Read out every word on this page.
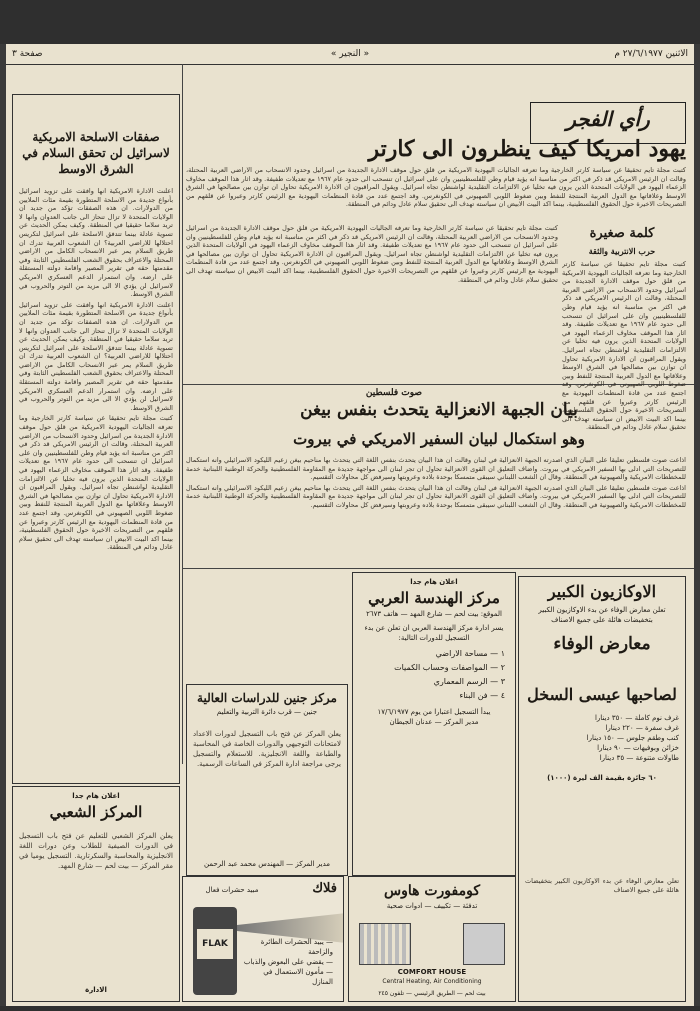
الاثنين ٢٧/٦/١٩٧٧ م
« النجير »
صفحة ٣
رأي الفجر
يهود امريكا كيف ينظرون الى كارتر
كلمة صغيرة
حرب الانتربية والثقة

كتبت مجلة تايم تحقيقا عن سياسة كارتر الخارجية وما تعرفه الجاليات اليهودية الامريكية من قلق حول موقف الادارة الجديدة من اسرائيل وحدود الانسحاب من الاراضي العربية المحتلة، وقالت ان الرئيس الامريكي قد ذكر في اكثر من مناسبة انه يؤيد قيام وطن للفلسطينيين وان على اسرائيل ان تنسحب الى حدود عام ١٩٦٧ مع تعديلات طفيفة. وقد اثار هذا الموقف مخاوف الزعماء اليهود في الولايات المتحدة الذين يرون فيه تخليا عن الالتزامات التقليدية لواشنطن تجاه اسرائيل. ويقول المراقبون ان الادارة الامريكية تحاول ان توازن بين مصالحها في الشرق الاوسط وعلاقاتها مع الدول العربية المنتجة للنفط وبين ضغوط اللوبي الصهيوني في الكونغرس. وقد اجتمع عدد من قادة المنظمات اليهودية مع الرئيس كارتر وعبروا عن قلقهم من التصريحات الاخيرة حول الحقوق الفلسطينية، بينما اكد البيت الابيض ان سياسته تهدف الى تحقيق سلام عادل ودائم في المنطقة.

كتبت مجلة تايم تحقيقا عن سياسة كارتر الخارجية وما تعرفه الجاليات اليهودية الامريكية من قلق حول موقف الادارة الجديدة من اسرائيل وحدود الانسحاب من الاراضي العربية المحتلة، وقالت ان الرئيس الامريكي قد ذكر في اكثر من مناسبة انه يؤيد قيام وطن للفلسطينيين وان على اسرائيل ان تنسحب الى حدود عام ١٩٦٧ مع تعديلات طفيفة. وقد اثار هذا الموقف مخاوف الزعماء اليهود في الولايات المتحدة الذين يرون فيه تخليا عن الالتزامات التقليدية لواشنطن تجاه اسرائيل. ويقول المراقبون ان الادارة الامريكية تحاول ان توازن بين مصالحها في الشرق الاوسط وعلاقاتها مع الدول العربية المنتجة للنفط وبين ضغوط اللوبي الصهيوني في الكونغرس. وقد اجتمع عدد من قادة المنظمات اليهودية مع الرئيس كارتر وعبروا عن قلقهم من التصريحات الاخيرة حول الحقوق الفلسطينية، بينما اكد البيت الابيض ان سياسته تهدف الى تحقيق سلام عادل ودائم في المنطقة.

كتبت مجلة تايم تحقيقا عن سياسة كارتر الخارجية وما تعرفه الجاليات اليهودية الامريكية من قلق حول موقف الادارة الجديدة من اسرائيل وحدود الانسحاب من الاراضي العربية المحتلة، وقالت ان الرئيس الامريكي قد ذكر في اكثر من مناسبة انه يؤيد قيام وطن للفلسطينيين وان على اسرائيل ان تنسحب الى حدود عام ١٩٦٧ مع تعديلات طفيفة. وقد اثار هذا الموقف مخاوف الزعماء اليهود في الولايات المتحدة الذين يرون فيه تخليا عن الالتزامات التقليدية لواشنطن تجاه اسرائيل. ويقول المراقبون ان الادارة الامريكية تحاول ان توازن بين مصالحها في الشرق الاوسط وعلاقاتها مع الدول العربية المنتجة للنفط وبين ضغوط اللوبي الصهيوني في الكونغرس. وقد اجتمع عدد من قادة المنظمات اليهودية مع الرئيس كارتر وعبروا عن قلقهم من التصريحات الاخيرة حول الحقوق الفلسطينية، بينما اكد البيت الابيض ان سياسته تهدف الى تحقيق سلام عادل ودائم في المنطقة.

صفقات الاسلحة الامريكية لاسرائيل لن تحقق السلام في الشرق الاوسط

اعلنت الادارة الامريكية انها وافقت على تزويد اسرائيل بأنواع جديدة من الاسلحة المتطورة بقيمة مئات الملايين من الدولارات. ان هذه الصفقات تؤكد من جديد ان الولايات المتحدة لا تزال تنحاز الى جانب العدوان وانها لا تريد سلاما حقيقيا في المنطقة. وكيف يمكن الحديث عن تسوية عادلة بينما تتدفق الاسلحة على اسرائيل لتكريس احتلالها للاراضي العربية؟ ان الشعوب العربية تدرك ان طريق السلام يمر عبر الانسحاب الكامل من الاراضي المحتلة والاعتراف بحقوق الشعب الفلسطيني الثابتة وفي مقدمتها حقه في تقرير المصير واقامة دولته المستقلة على ارضه. وان استمرار الدعم العسكري الامريكي لاسرائيل لن يؤدي الا الى مزيد من التوتر والحروب في الشرق الاوسط.

اعلنت الادارة الامريكية انها وافقت على تزويد اسرائيل بأنواع جديدة من الاسلحة المتطورة بقيمة مئات الملايين من الدولارات. ان هذه الصفقات تؤكد من جديد ان الولايات المتحدة لا تزال تنحاز الى جانب العدوان وانها لا تريد سلاما حقيقيا في المنطقة. وكيف يمكن الحديث عن تسوية عادلة بينما تتدفق الاسلحة على اسرائيل لتكريس احتلالها للاراضي العربية؟ ان الشعوب العربية تدرك ان طريق السلام يمر عبر الانسحاب الكامل من الاراضي المحتلة والاعتراف بحقوق الشعب الفلسطيني الثابتة وفي مقدمتها حقه في تقرير المصير واقامة دولته المستقلة على ارضه. وان استمرار الدعم العسكري الامريكي لاسرائيل لن يؤدي الا الى مزيد من التوتر والحروب في الشرق الاوسط.

كتبت مجلة تايم تحقيقا عن سياسة كارتر الخارجية وما تعرفه الجاليات اليهودية الامريكية من قلق حول موقف الادارة الجديدة من اسرائيل وحدود الانسحاب من الاراضي العربية المحتلة، وقالت ان الرئيس الامريكي قد ذكر في اكثر من مناسبة انه يؤيد قيام وطن للفلسطينيين وان على اسرائيل ان تنسحب الى حدود عام ١٩٦٧ مع تعديلات طفيفة. وقد اثار هذا الموقف مخاوف الزعماء اليهود في الولايات المتحدة الذين يرون فيه تخليا عن الالتزامات التقليدية لواشنطن تجاه اسرائيل. ويقول المراقبون ان الادارة الامريكية تحاول ان توازن بين مصالحها في الشرق الاوسط وعلاقاتها مع الدول العربية المنتجة للنفط وبين ضغوط اللوبي الصهيوني في الكونغرس. وقد اجتمع عدد من قادة المنظمات اليهودية مع الرئيس كارتر وعبروا عن قلقهم من التصريحات الاخيرة حول الحقوق الفلسطينية، بينما اكد البيت الابيض ان سياسته تهدف الى تحقيق سلام عادل ودائم في المنطقة.

صوت فلسطين
بيان الجبهة الانعزالية يتحدث بنفس بيغن
وهو استكمال لبيان السفير الامريكي في بيروت

اذاعت صوت فلسطين تعليقا على البيان الذي اصدرته الجبهة الانعزالية في لبنان وقالت ان هذا البيان يتحدث بنفس اللغة التي يتحدث بها مناحيم بيغن زعيم الليكود الاسرائيلي وانه استكمال للتصريحات التي ادلى بها السفير الامريكي في بيروت. واضاف التعليق ان القوى الانعزالية تحاول ان تجر لبنان الى مواجهة جديدة مع المقاومة الفلسطينية والحركة الوطنية اللبنانية خدمة للمخططات الامريكية والصهيونية في المنطقة. وقال ان الشعب اللبناني سيبقى متمسكا بوحدة بلاده وعروبتها وسيرفض كل محاولات التقسيم.

اذاعت صوت فلسطين تعليقا على البيان الذي اصدرته الجبهة الانعزالية في لبنان وقالت ان هذا البيان يتحدث بنفس اللغة التي يتحدث بها مناحيم بيغن زعيم الليكود الاسرائيلي وانه استكمال للتصريحات التي ادلى بها السفير الامريكي في بيروت. واضاف التعليق ان القوى الانعزالية تحاول ان تجر لبنان الى مواجهة جديدة مع المقاومة الفلسطينية والحركة الوطنية اللبنانية خدمة للمخططات الامريكية والصهيونية في المنطقة. وقال ان الشعب اللبناني سيبقى متمسكا بوحدة بلاده وعروبتها وسيرفض كل محاولات التقسيم.

اعلان هام جدا
مركز الهندسة العربي
الموقع: بيت لحم — شارع المهد — هاتف ٢٦٧٣
يسر ادارة مركز الهندسة العربي ان تعلن عن بدء التسجيل للدورات التالية:
١ — مساحة الاراضي
٢ — المواصفات وحساب الكميات
٣ — الرسم المعماري
٤ — فن البناء
يبدأ التسجيل اعتبارا من يوم ١٧/٦/١٩٧٧
مدير المركز — عدنان الجيطان
مركز جنين للدراسات العالية
جنين — قرب دائرة التربية والتعليم
يعلن المركز عن فتح باب التسجيل لدورات الاعداد لامتحانات التوجيهي والدورات الخاصة في المحاسبة والطباعة واللغة الانجليزية. للاستعلام والتسجيل يرجى مراجعة ادارة المركز في الساعات الرسمية.
مدير المركز — المهندس محمد عبد الرحمن
اعلان هام جدا
المركز الشعبي
يعلن المركز الشعبي للتعليم عن فتح باب التسجيل في الدورات الصيفية للطلاب وعن دورات اللغة الانجليزية والمحاسبة والسكرتارية. التسجيل يوميا في مقر المركز — بيت لحم — شارع المهد.
الادارة
فلاك
مبيد حشرات فعال
FLAK	— يبيد الحشرات الطائرة والزاحفة
— يقضي على البعوض والذباب
— مأمون الاستعمال في المنازل
كومفورت هاوس
تدفئة — تكييف — ادوات صحية
COMFORT HOUSE
Central Heating, Air Conditioning
بيت لحم — الطريق الرئيسي — تلفون ٢٤٥
الاوكازيون الكبير
تعلن معارض الوفاء عن بدء الاوكازيون الكبير بتخفيضات هائلة على جميع الاصناف
معارض الوفاء
لصاحبها عيسى السخل
غرف نوم كاملة — ٣٥٠ دينارا
غرف سفرة — ٢٢٠ دينارا
كنب وطقم جلوس — ١٥٠ دينارا
خزائن وبوفيهات — ٩٠ دينارا
طاولات متنوعة — ٣٥ دينارا
٦٠ جائزة بقيمة الف ليرة (١٠٠٠)

تعلن معارض الوفاء عن بدء الاوكازيون الكبير بتخفيضات هائلة على جميع الاصناف
